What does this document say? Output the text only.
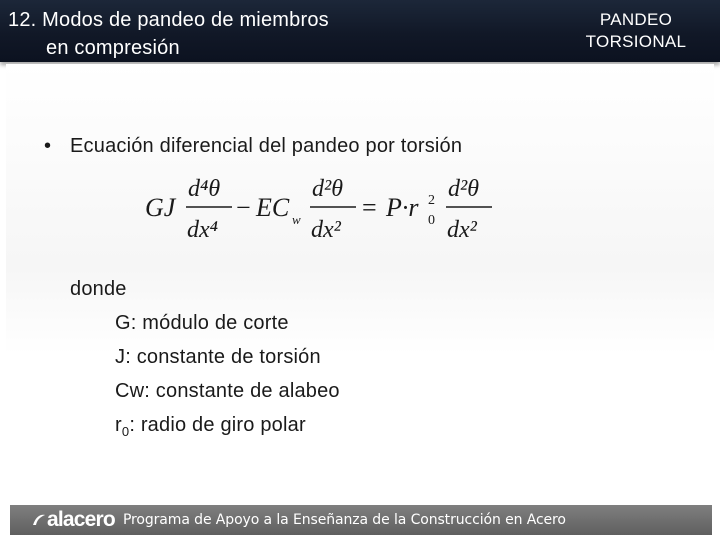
12. Modos de pandeo de miembros
en compresión
PANDEO
TORSIONAL
• Ecuación diferencial del pandeo por torsión
GJ
d⁴θ
dx⁴
− EC w
d²θ
dx²
= P·r 2
0
d²θ
dx²
donde
G: módulo de corte
J: constante de torsión
Cw: constante de alabeo
$r_0$: radio de giro polar
alacero Programa de Apoyo a la Enseñanza de la Construcción en Acero
